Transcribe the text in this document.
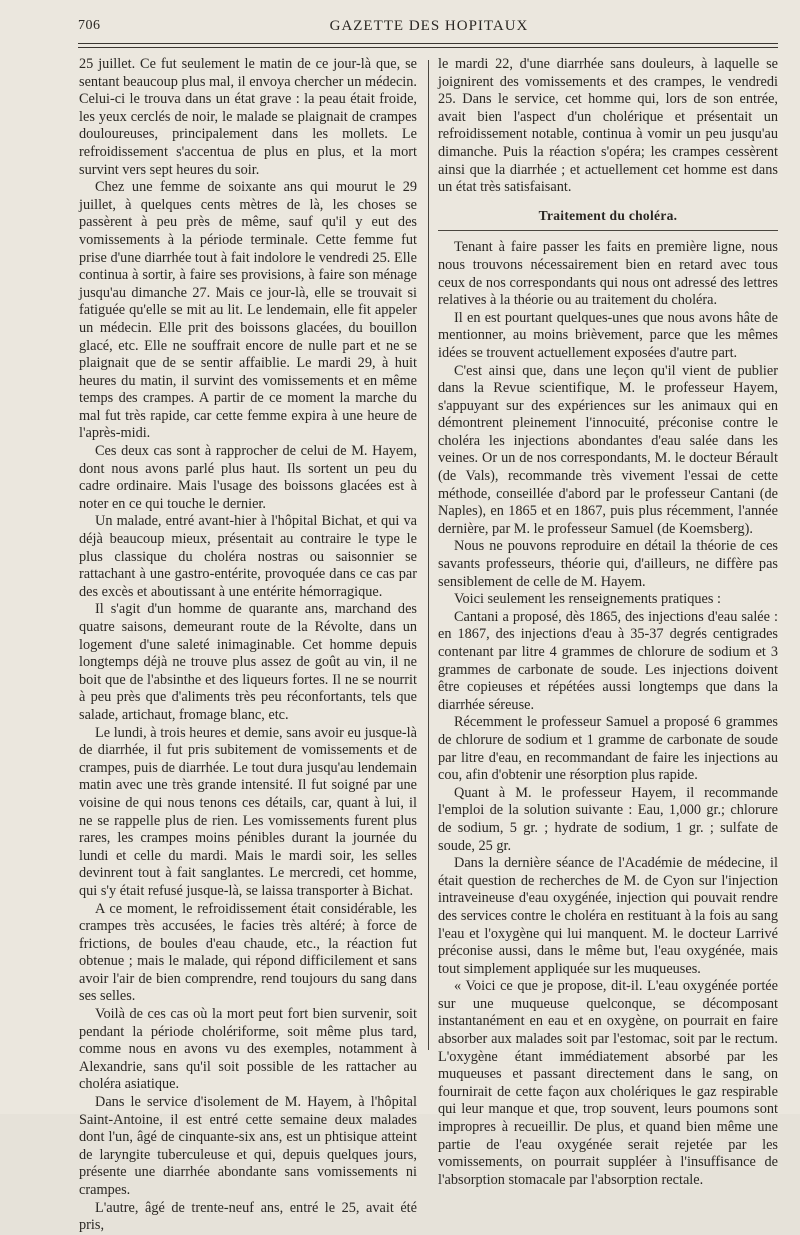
706	GAZETTE DES HOPITAUX

25 juillet. Ce fut seulement le matin de ce jour-là que, se sentant beaucoup plus mal, il envoya chercher un médecin. Celui-ci le trouva dans un état grave : la peau était froide, les yeux cerclés de noir, le malade se plaignait de crampes douloureuses, principalement dans les mollets. Le refroidissement s'accentua de plus en plus, et la mort survint vers sept heures du soir.

Chez une femme de soixante ans qui mourut le 29 juillet, à quelques cents mètres de là, les choses se passèrent à peu près de même, sauf qu'il y eut des vomissements à la période terminale. Cette femme fut prise d'une diarrhée tout à fait indolore le vendredi 25. Elle continua à sortir, à faire ses provisions, à faire son ménage jusqu'au dimanche 27. Mais ce jour-là, elle se trouvait si fatiguée qu'elle se mit au lit. Le lendemain, elle fit appeler un médecin. Elle prit des boissons glacées, du bouillon glacé, etc. Elle ne souffrait encore de nulle part et ne se plaignait que de se sentir affaiblie. Le mardi 29, à huit heures du matin, il survint des vomissements et en même temps des crampes. A partir de ce moment la marche du mal fut très rapide, car cette femme expira à une heure de l'après-midi.

Ces deux cas sont à rapprocher de celui de M. Hayem, dont nous avons parlé plus haut. Ils sortent un peu du cadre ordinaire. Mais l'usage des boissons glacées est à noter en ce qui touche le dernier.

Un malade, entré avant-hier à l'hôpital Bichat, et qui va déjà beaucoup mieux, présentait au contraire le type le plus classique du choléra nostras ou saisonnier se rattachant à une gastro-entérite, provoquée dans ce cas par des excès et aboutissant à une entérite hémorragique.

Il s'agit d'un homme de quarante ans, marchand des quatre saisons, demeurant route de la Révolte, dans un logement d'une saleté inimaginable. Cet homme depuis longtemps déjà ne trouve plus assez de goût au vin, il ne boit que de l'absinthe et des liqueurs fortes. Il ne se nourrit à peu près que d'aliments très peu réconfortants, tels que salade, artichaut, fromage blanc, etc.

Le lundi, à trois heures et demie, sans avoir eu jusque-là de diarrhée, il fut pris subitement de vomissements et de crampes, puis de diarrhée. Le tout dura jusqu'au lendemain matin avec une très grande intensité. Il fut soigné par une voisine de qui nous tenons ces détails, car, quant à lui, il ne se rappelle plus de rien. Les vomissements furent plus rares, les crampes moins pénibles durant la journée du lundi et celle du mardi. Mais le mardi soir, les selles devinrent tout à fait sanglantes. Le mercredi, cet homme, qui s'y était refusé jusque-là, se laissa transporter à Bichat.

A ce moment, le refroidissement était considérable, les crampes très accusées, le facies très altéré; à force de frictions, de boules d'eau chaude, etc., la réaction fut obtenue ; mais le malade, qui répond difficilement et sans avoir l'air de bien comprendre, rend toujours du sang dans ses selles.

Voilà de ces cas où la mort peut fort bien survenir, soit pendant la période cholériforme, soit même plus tard, comme nous en avons vu des exemples, notamment à Alexandrie, sans qu'il soit possible de les rattacher au choléra asiatique.

Dans le service d'isolement de M. Hayem, à l'hôpital Saint-Antoine, il est entré cette semaine deux malades dont l'un, âgé de cinquante-six ans, est un phtisique atteint de laryngite tuberculeuse et qui, depuis quelques jours, présente une diarrhée abondante sans vomissements ni crampes.

L'autre, âgé de trente-neuf ans, entré le 25, avait été pris,

le mardi 22, d'une diarrhée sans douleurs, à laquelle se joignirent des vomissements et des crampes, le vendredi 25. Dans le service, cet homme qui, lors de son entrée, avait bien l'aspect d'un cholérique et présentait un refroidissement notable, continua à vomir un peu jusqu'au dimanche. Puis la réaction s'opéra; les crampes cessèrent ainsi que la diarrhée ; et actuellement cet homme est dans un état très satisfaisant.

Traitement du choléra.

Tenant à faire passer les faits en première ligne, nous nous trouvons nécessairement bien en retard avec tous ceux de nos correspondants qui nous ont adressé des lettres relatives à la théorie ou au traitement du choléra.

Il en est pourtant quelques-unes que nous avons hâte de mentionner, au moins brièvement, parce que les mêmes idées se trouvent actuellement exposées d'autre part.

C'est ainsi que, dans une leçon qu'il vient de publier dans la Revue scientifique, M. le professeur Hayem, s'appuyant sur des expériences sur les animaux qui en démontrent pleinement l'innocuité, préconise contre le choléra les injections abondantes d'eau salée dans les veines. Or un de nos correspondants, M. le docteur Bérault (de Vals), recommande très vivement l'essai de cette méthode, conseillée d'abord par le professeur Cantani (de Naples), en 1865 et en 1867, puis plus récemment, l'année dernière, par M. le professeur Samuel (de Koemsberg).

Nous ne pouvons reproduire en détail la théorie de ces savants professeurs, théorie qui, d'ailleurs, ne diffère pas sensiblement de celle de M. Hayem.

Voici seulement les renseignements pratiques :

Cantani a proposé, dès 1865, des injections d'eau salée : en 1867, des injections d'eau à 35-37 degrés centigrades contenant par litre 4 grammes de chlorure de sodium et 3 grammes de carbonate de soude. Les injections doivent être copieuses et répétées aussi longtemps que dans la diarrhée séreuse.

Récemment le professeur Samuel a proposé 6 grammes de chlorure de sodium et 1 gramme de carbonate de soude par litre d'eau, en recommandant de faire les injections au cou, afin d'obtenir une résorption plus rapide.

Quant à M. le professeur Hayem, il recommande l'emploi de la solution suivante : Eau, 1,000 gr.; chlorure de sodium, 5 gr. ; hydrate de sodium, 1 gr. ; sulfate de soude, 25 gr.

Dans la dernière séance de l'Académie de médecine, il était question de recherches de M. de Cyon sur l'injection intraveineuse d'eau oxygénée, injection qui pouvait rendre des services contre le choléra en restituant à la fois au sang l'eau et l'oxygène qui lui manquent. M. le docteur Larrivé préconise aussi, dans le même but, l'eau oxygénée, mais tout simplement appliquée sur les muqueuses.

« Voici ce que je propose, dit-il. L'eau oxygénée portée sur une muqueuse quelconque, se décomposant instantanément en eau et en oxygène, on pourrait en faire absorber aux malades soit par l'estomac, soit par le rectum. L'oxygène étant immédiatement absorbé par les muqueuses et passant directement dans le sang, on fournirait de cette façon aux cholériques le gaz respirable qui leur manque et que, trop souvent, leurs poumons sont impropres à recueillir. De plus, et quand bien même une partie de l'eau oxygénée serait rejetée par les vomissements, on pourrait suppléer à l'insuffisance de l'absorption stomacale par l'absorption rectale.
